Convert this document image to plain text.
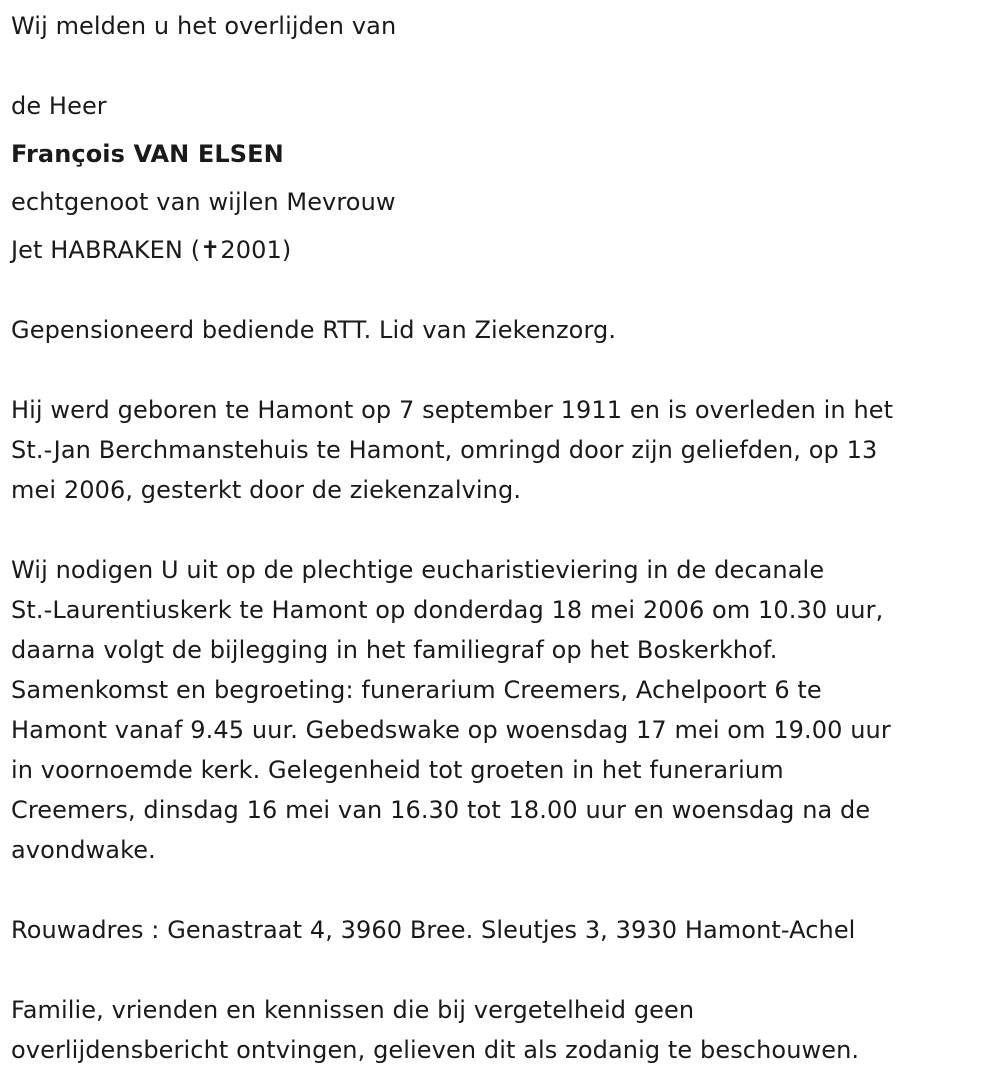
Wij melden u het overlijden van
de Heer
François VAN ELSEN
echtgenoot van wijlen Mevrouw
Jet HABRAKEN (✝2001)
Gepensioneerd bediende RTT. Lid van Ziekenzorg.
Hij werd geboren te Hamont op 7 september 1911 en is overleden in het
St.-Jan Berchmanstehuis te Hamont, omringd door zijn geliefden, op 13
mei 2006, gesterkt door de ziekenzalving.
Wij nodigen U uit op de plechtige eucharistieviering in de decanale
St.-Laurentiuskerk te Hamont op donderdag 18 mei 2006 om 10.30 uur,
daarna volgt de bijlegging in het familiegraf op het Boskerkhof.
Samenkomst en begroeting: funerarium Creemers, Achelpoort 6 te
Hamont vanaf 9.45 uur. Gebedswake op woensdag 17 mei om 19.00 uur
in voornoemde kerk. Gelegenheid tot groeten in het funerarium
Creemers, dinsdag 16 mei van 16.30 tot 18.00 uur en woensdag na de
avondwake.
Rouwadres : Genastraat 4, 3960 Bree. Sleutjes 3, 3930 Hamont-Achel
Familie, vrienden en kennissen die bij vergetelheid geen
overlijdensbericht ontvingen, gelieven dit als zodanig te beschouwen.
